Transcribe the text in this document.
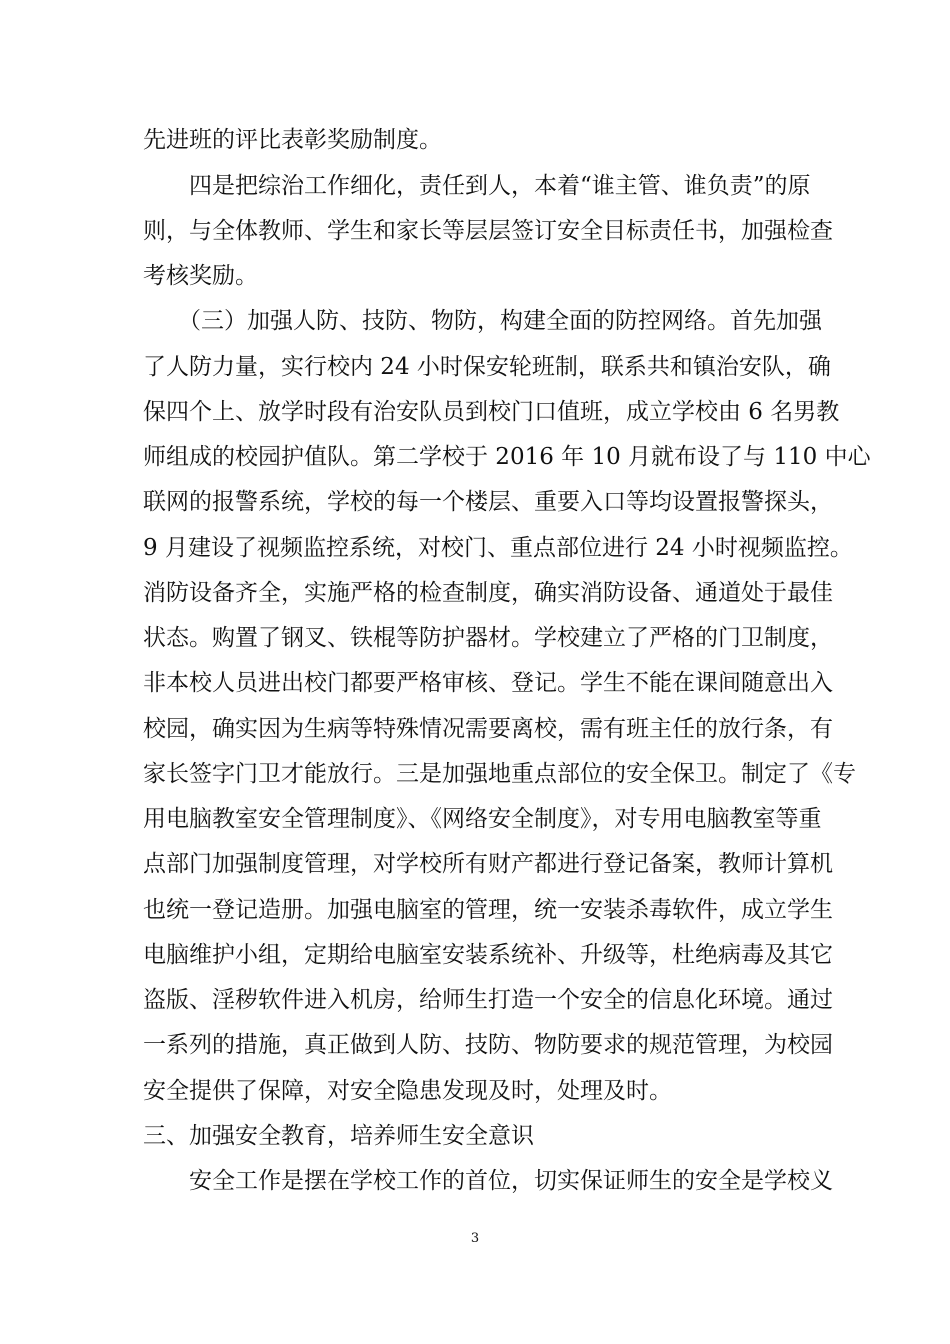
先进班的评比表彰奖励制度。
四是把综治工作细化，责任到人，本着“谁主管、谁负责”的原
则，与全体教师、学生和家长等层层签订安全目标责任书，加强检查
考核奖励。
（三）加强人防、技防、物防，构建全面的防控网络。首先加强
了人防力量，实行校内 24 小时保安轮班制，联系共和镇治安队，确
保四个上、放学时段有治安队员到校门口值班，成立学校由 6 名男教
师组成的校园护值队。第二学校于 2016 年 10 月就布设了与 110 中心
联网的报警系统，学校的每一个楼层、重要入口等均设置报警探头，
9 月建设了视频监控系统，对校门、重点部位进行 24 小时视频监控。
消防设备齐全，实施严格的检查制度，确实消防设备、通道处于最佳
状态。购置了钢叉、铁棍等防护器材。学校建立了严格的门卫制度，
非本校人员进出校门都要严格审核、登记。学生不能在课间随意出入
校园，确实因为生病等特殊情况需要离校，需有班主任的放行条，有
家长签字门卫才能放行。三是加强地重点部位的安全保卫。制定了《专
用电脑教室安全管理制度》、《网络安全制度》，对专用电脑教室等重
点部门加强制度管理，对学校所有财产都进行登记备案，教师计算机
也统一登记造册。加强电脑室的管理，统一安装杀毒软件，成立学生
电脑维护小组，定期给电脑室安装系统补、升级等，杜绝病毒及其它
盗版、淫秽软件进入机房，给师生打造一个安全的信息化环境。通过
一系列的措施，真正做到人防、技防、物防要求的规范管理，为校园
安全提供了保障，对安全隐患发现及时，处理及时。
三、加强安全教育，培养师生安全意识
安全工作是摆在学校工作的首位，切实保证师生的安全是学校义
3
